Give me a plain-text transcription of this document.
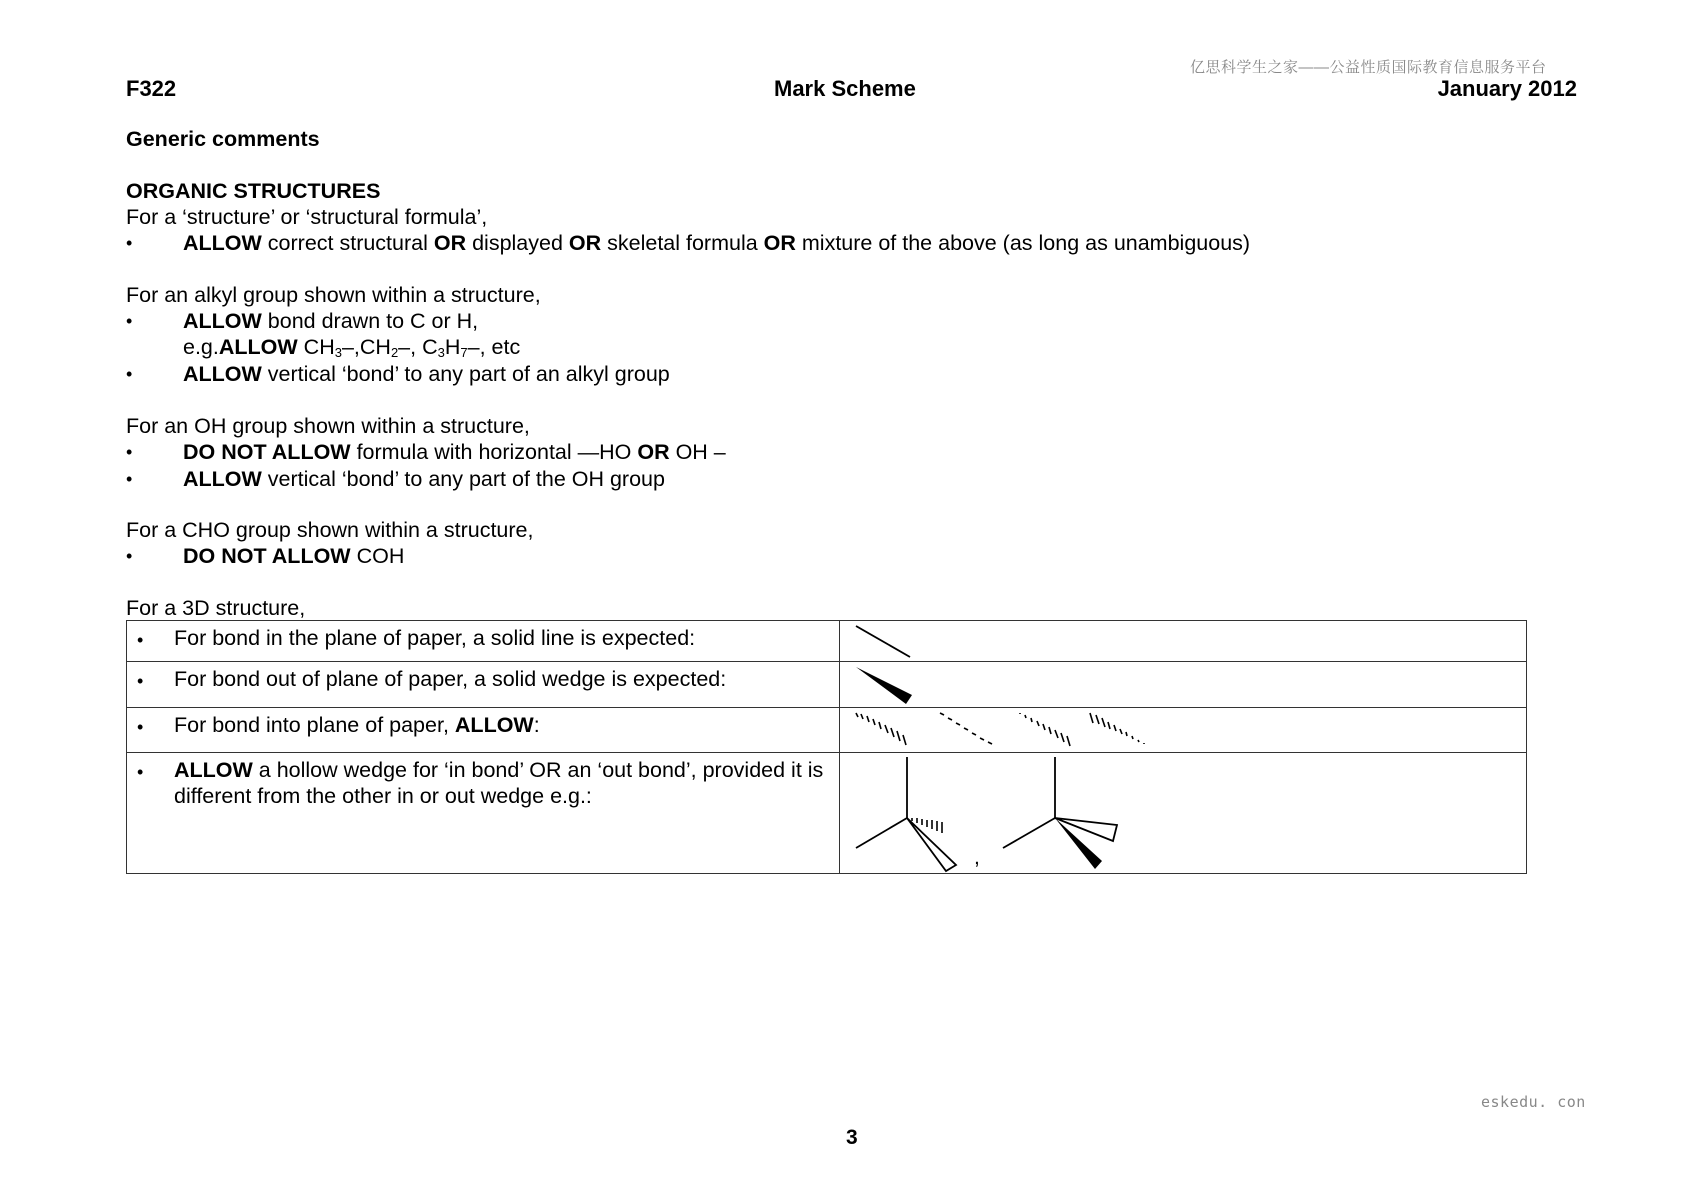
亿思科学生之家——公益性质国际教育信息服务平台
eskedu. con
F322	Mark Scheme	January 2012
Generic comments
ORGANIC STRUCTURES
For a ‘structure’ or ‘structural formula’,
• ALLOW correct structural OR displayed OR skeletal formula OR mixture of the above (as long as unambiguous)
For an alkyl group shown within a structure,
• ALLOW bond drawn to C or H,
e.g.ALLOW $CH_3-,CH_2-$, $C_3H_7-$, etc
• ALLOW vertical ‘bond’ to any part of an alkyl group
For an OH group shown within a structure,
• DO NOT ALLOW formula with horizontal —HO OR OH –
• ALLOW vertical ‘bond’ to any part of the OH group
For a CHO group shown within a structure,
• DO NOT ALLOW COH
For a 3D structure,
• For bond in the plane of paper, a solid line is expected:

• For bond out of plane of paper, a solid wedge is expected:

• For bond into plane of paper, ALLOW:

• ALLOW a hollow wedge for ‘in bond’ OR an ‘out bond’, provided it is different from the other in or out wedge e.g.:	,
3
